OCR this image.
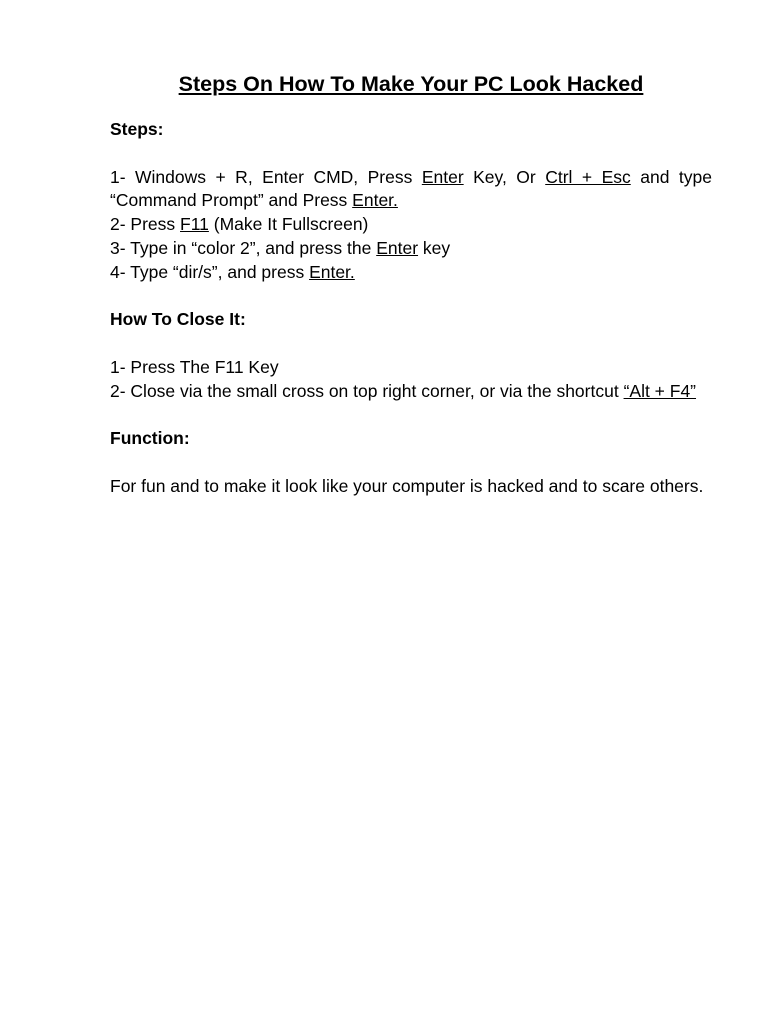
Steps On How To Make Your PC Look Hacked

Steps:

1- Windows + R, Enter CMD, Press Enter Key, Or Ctrl + Esc and type “Command Prompt” and Press Enter.

2- Press F11 (Make It Fullscreen)

3- Type in “color 2”, and press the Enter key

4- Type “dir/s”, and press Enter.

How To Close It:

1- Press The F11 Key

2- Close via the small cross on top right corner, or via the shortcut “Alt + F4”

Function:

For fun and to make it look like your computer is hacked and to scare others.
